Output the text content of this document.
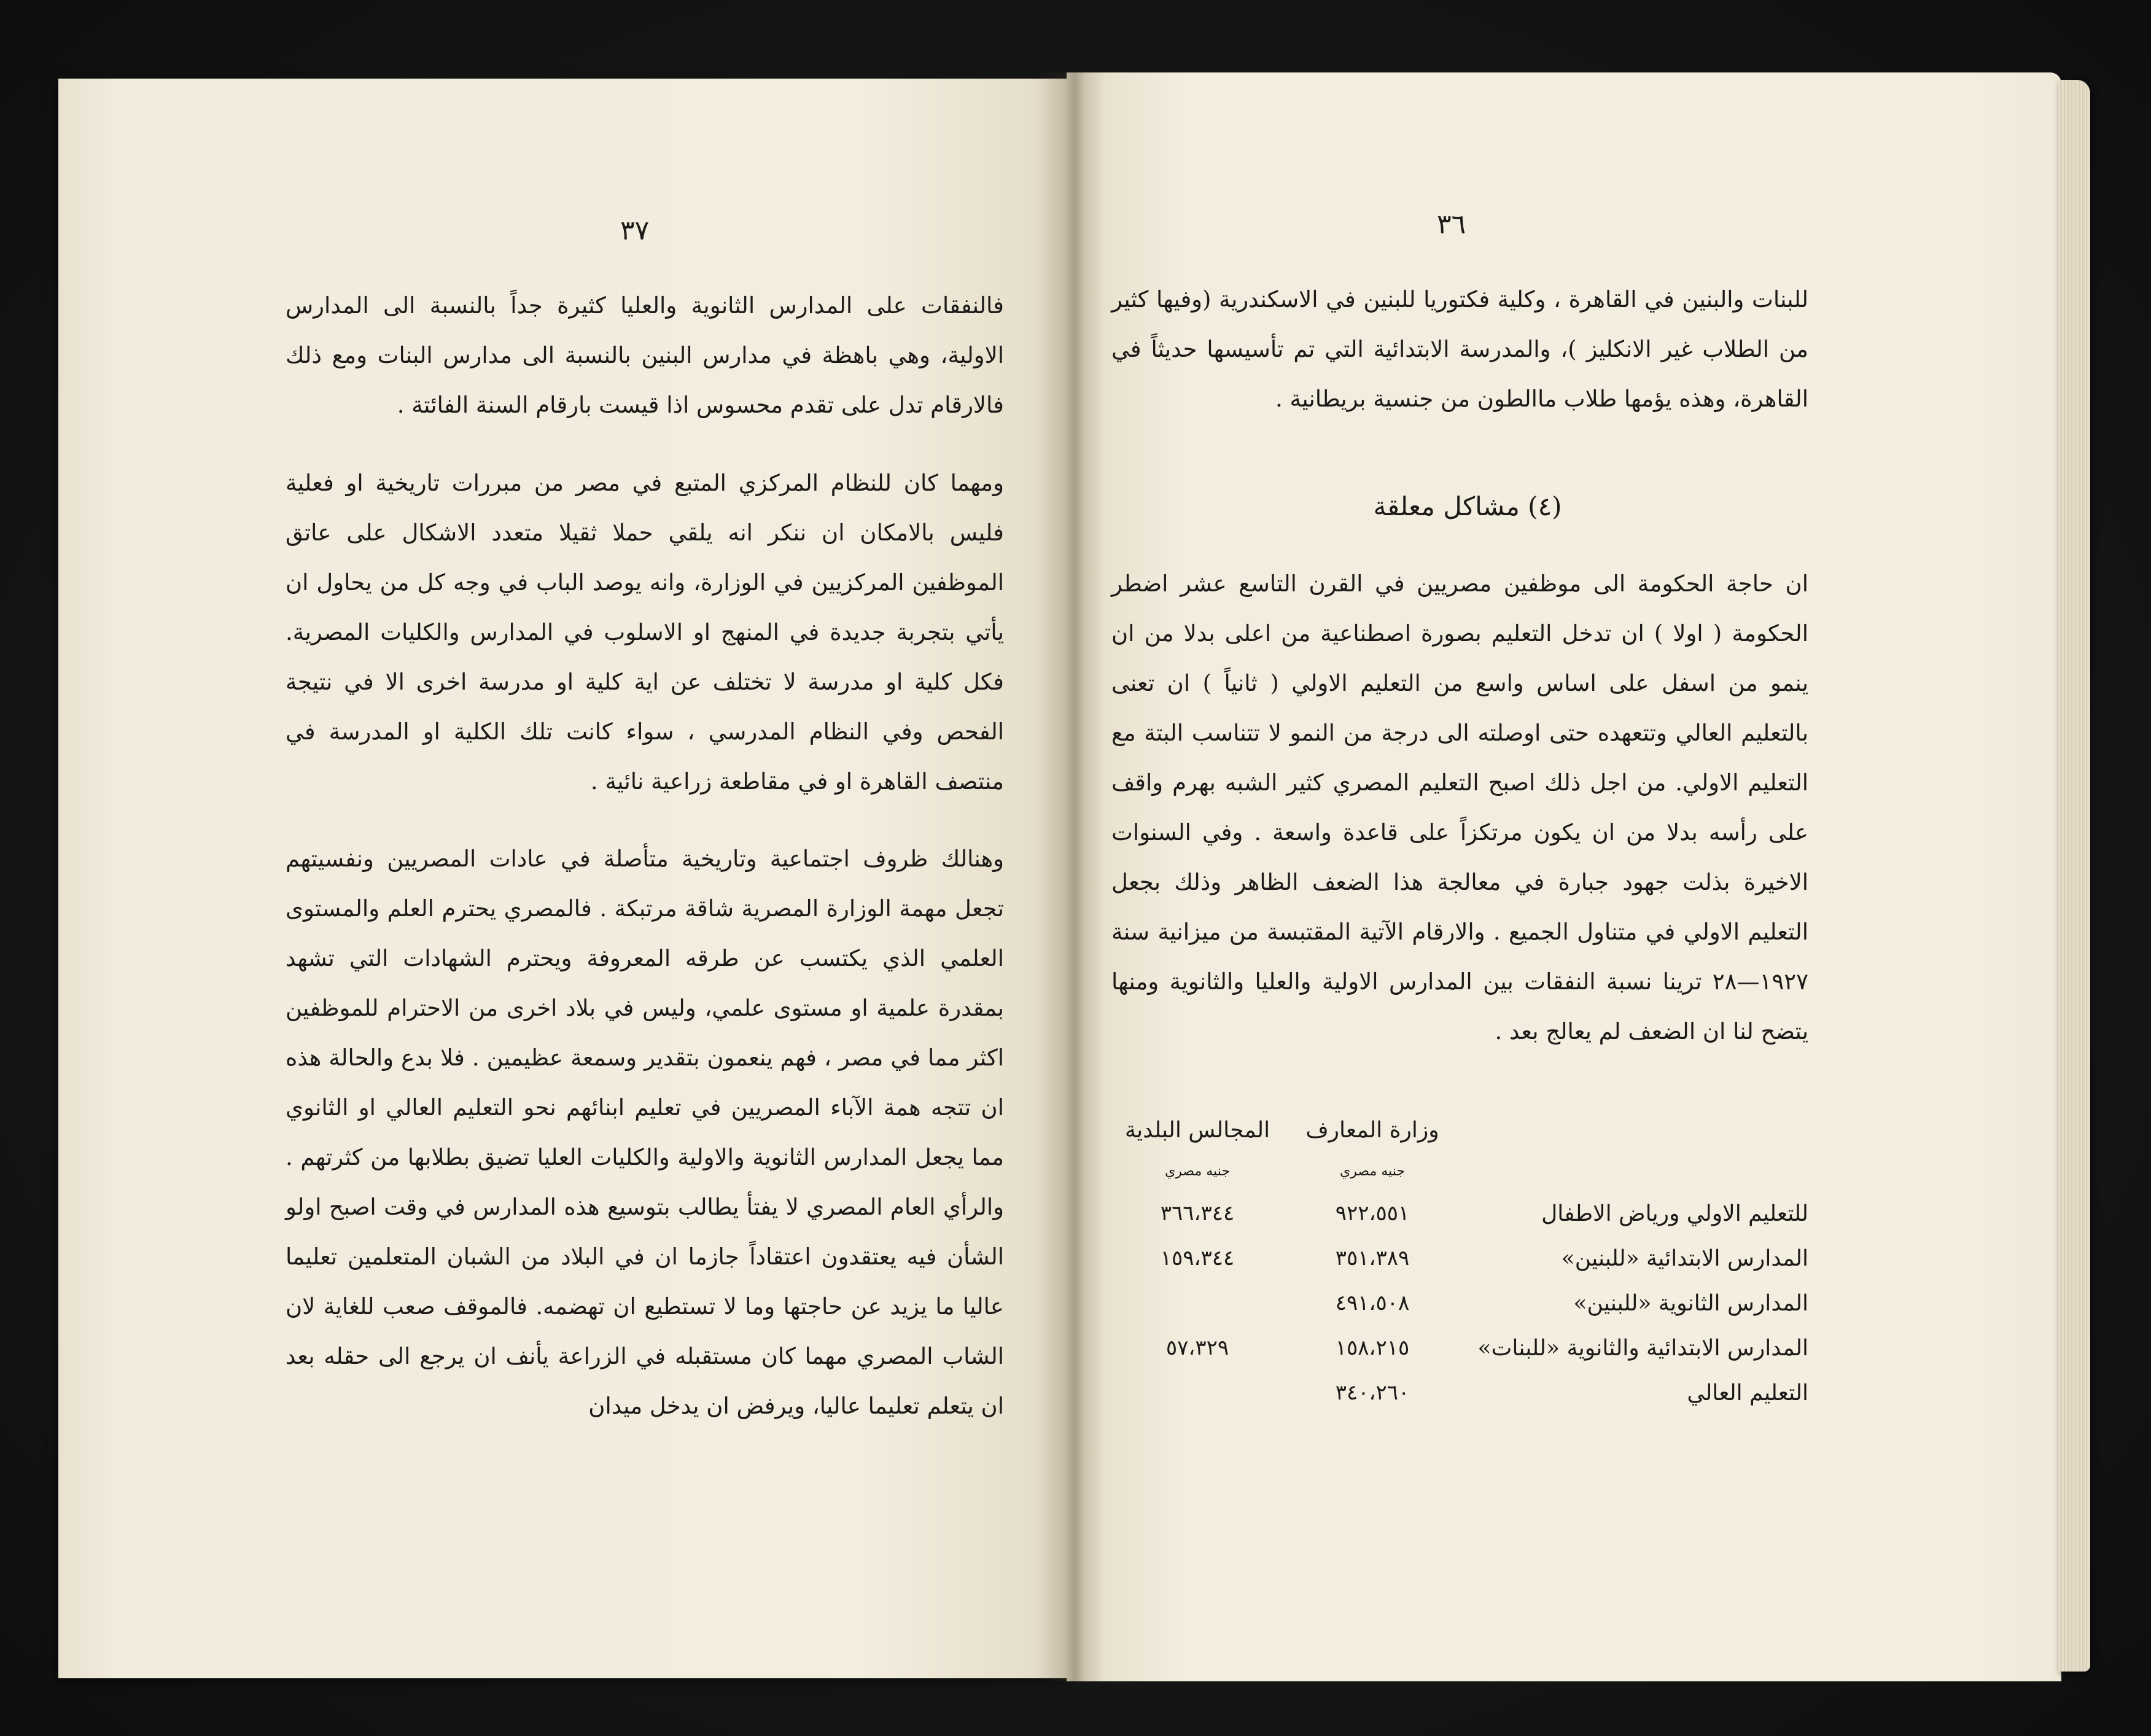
٣٧

فالنفقات على المدارس الثانوية والعليا كثيرة جداً بالنسبة الى المدارس الاولية، وهي باهظة في مدارس البنين بالنسبة الى مدارس البنات ومع ذلك فالارقام تدل على تقدم محسوس اذا قيست بارقام السنة الفائتة .

ومهما كان للنظام المركزي المتبع في مصر من مبررات تاريخية او فعلية فليس بالامكان ان ننكر انه يلقي حملا ثقيلا متعدد الاشكال على عاتق الموظفين المركزيين في الوزارة، وانه يوصد الباب في وجه كل من يحاول ان يأتي بتجربة جديدة في المنهج او الاسلوب في المدارس والكليات المصرية. فكل كلية او مدرسة لا تختلف عن اية كلية او مدرسة اخرى الا في نتيجة الفحص وفي النظام المدرسي ، سواء كانت تلك الكلية او المدرسة في منتصف القاهرة او في مقاطعة زراعية نائية .

وهنالك ظروف اجتماعية وتاريخية متأصلة في عادات المصريين ونفسيتهم تجعل مهمة الوزارة المصرية شاقة مرتبكة . فالمصري يحترم العلم والمستوى العلمي الذي يكتسب عن طرقه المعروفة ويحترم الشهادات التي تشهد بمقدرة علمية او مستوى علمي، وليس في بلاد اخرى من الاحترام للموظفين اكثر مما في مصر ، فهم ينعمون بتقدير وسمعة عظيمين . فلا بدع والحالة هذه ان تتجه همة الآباء المصريين في تعليم ابنائهم نحو التعليم العالي او الثانوي مما يجعل المدارس الثانوية والاولية والكليات العليا تضيق بطلابها من كثرتهم . والرأي العام المصري لا يفتأ يطالب بتوسيع هذه المدارس في وقت اصبح اولو الشأن فيه يعتقدون اعتقاداً جازما ان في البلاد من الشبان المتعلمين تعليما عاليا ما يزيد عن حاجتها وما لا تستطيع ان تهضمه. فالموقف صعب للغاية لان الشاب المصري مهما كان مستقبله في الزراعة يأنف ان يرجع الى حقله بعد ان يتعلم تعليما عاليا، ويرفض ان يدخل ميدان

٣٦

للبنات والبنين في القاهرة ، وكلية فكتوريا للبنين في الاسكندرية (وفيها كثير من الطلاب غير الانكليز )، والمدرسة الابتدائية التي تم تأسيسها حديثاً في القاهرة، وهذه يؤمها طلاب ماالطون من جنسية بريطانية .

(٤) مشاكل معلقة

ان حاجة الحكومة الى موظفين مصريين في القرن التاسع عشر اضطر الحكومة ( اولا ) ان تدخل التعليم بصورة اصطناعية من اعلى بدلا من ان ينمو من اسفل على اساس واسع من التعليم الاولي ( ثانياً ) ان تعنى بالتعليم العالي وتتعهده حتى اوصلته الى درجة من النمو لا تتناسب البتة مع التعليم الاولي. من اجل ذلك اصبح التعليم المصري كثير الشبه بهرم واقف على رأسه بدلا من ان يكون مرتكزاً على قاعدة واسعة . وفي السنوات الاخيرة بذلت جهود جبارة في معالجة هذا الضعف الظاهر وذلك بجعل التعليم الاولي في متناول الجميع . والارقام الآتية المقتبسة من ميزانية سنة ١٩٢٧—٢٨ ترينا نسبة النفقات بين المدارس الاولية والعليا والثانوية ومنها يتضح لنا ان الضعف لم يعالج بعد .

وزارة المعارف
المجالس البلدية
جنيه مصري
جنيه مصري
للتعليم الاولي ورياض الاطفال
٩٢٢،٥٥١
٣٦٦،٣٤٤
المدارس الابتدائية «للبنين»
٣٥١،٣٨٩
١٥٩،٣٤٤
المدارس الثانوية «للبنين»
٤٩١،٥٠٨
المدارس الابتدائية والثانوية «للبنات»
١٥٨،٢١٥
٥٧،٣٢٩
التعليم العالي
٣٤٠،٢٦٠
